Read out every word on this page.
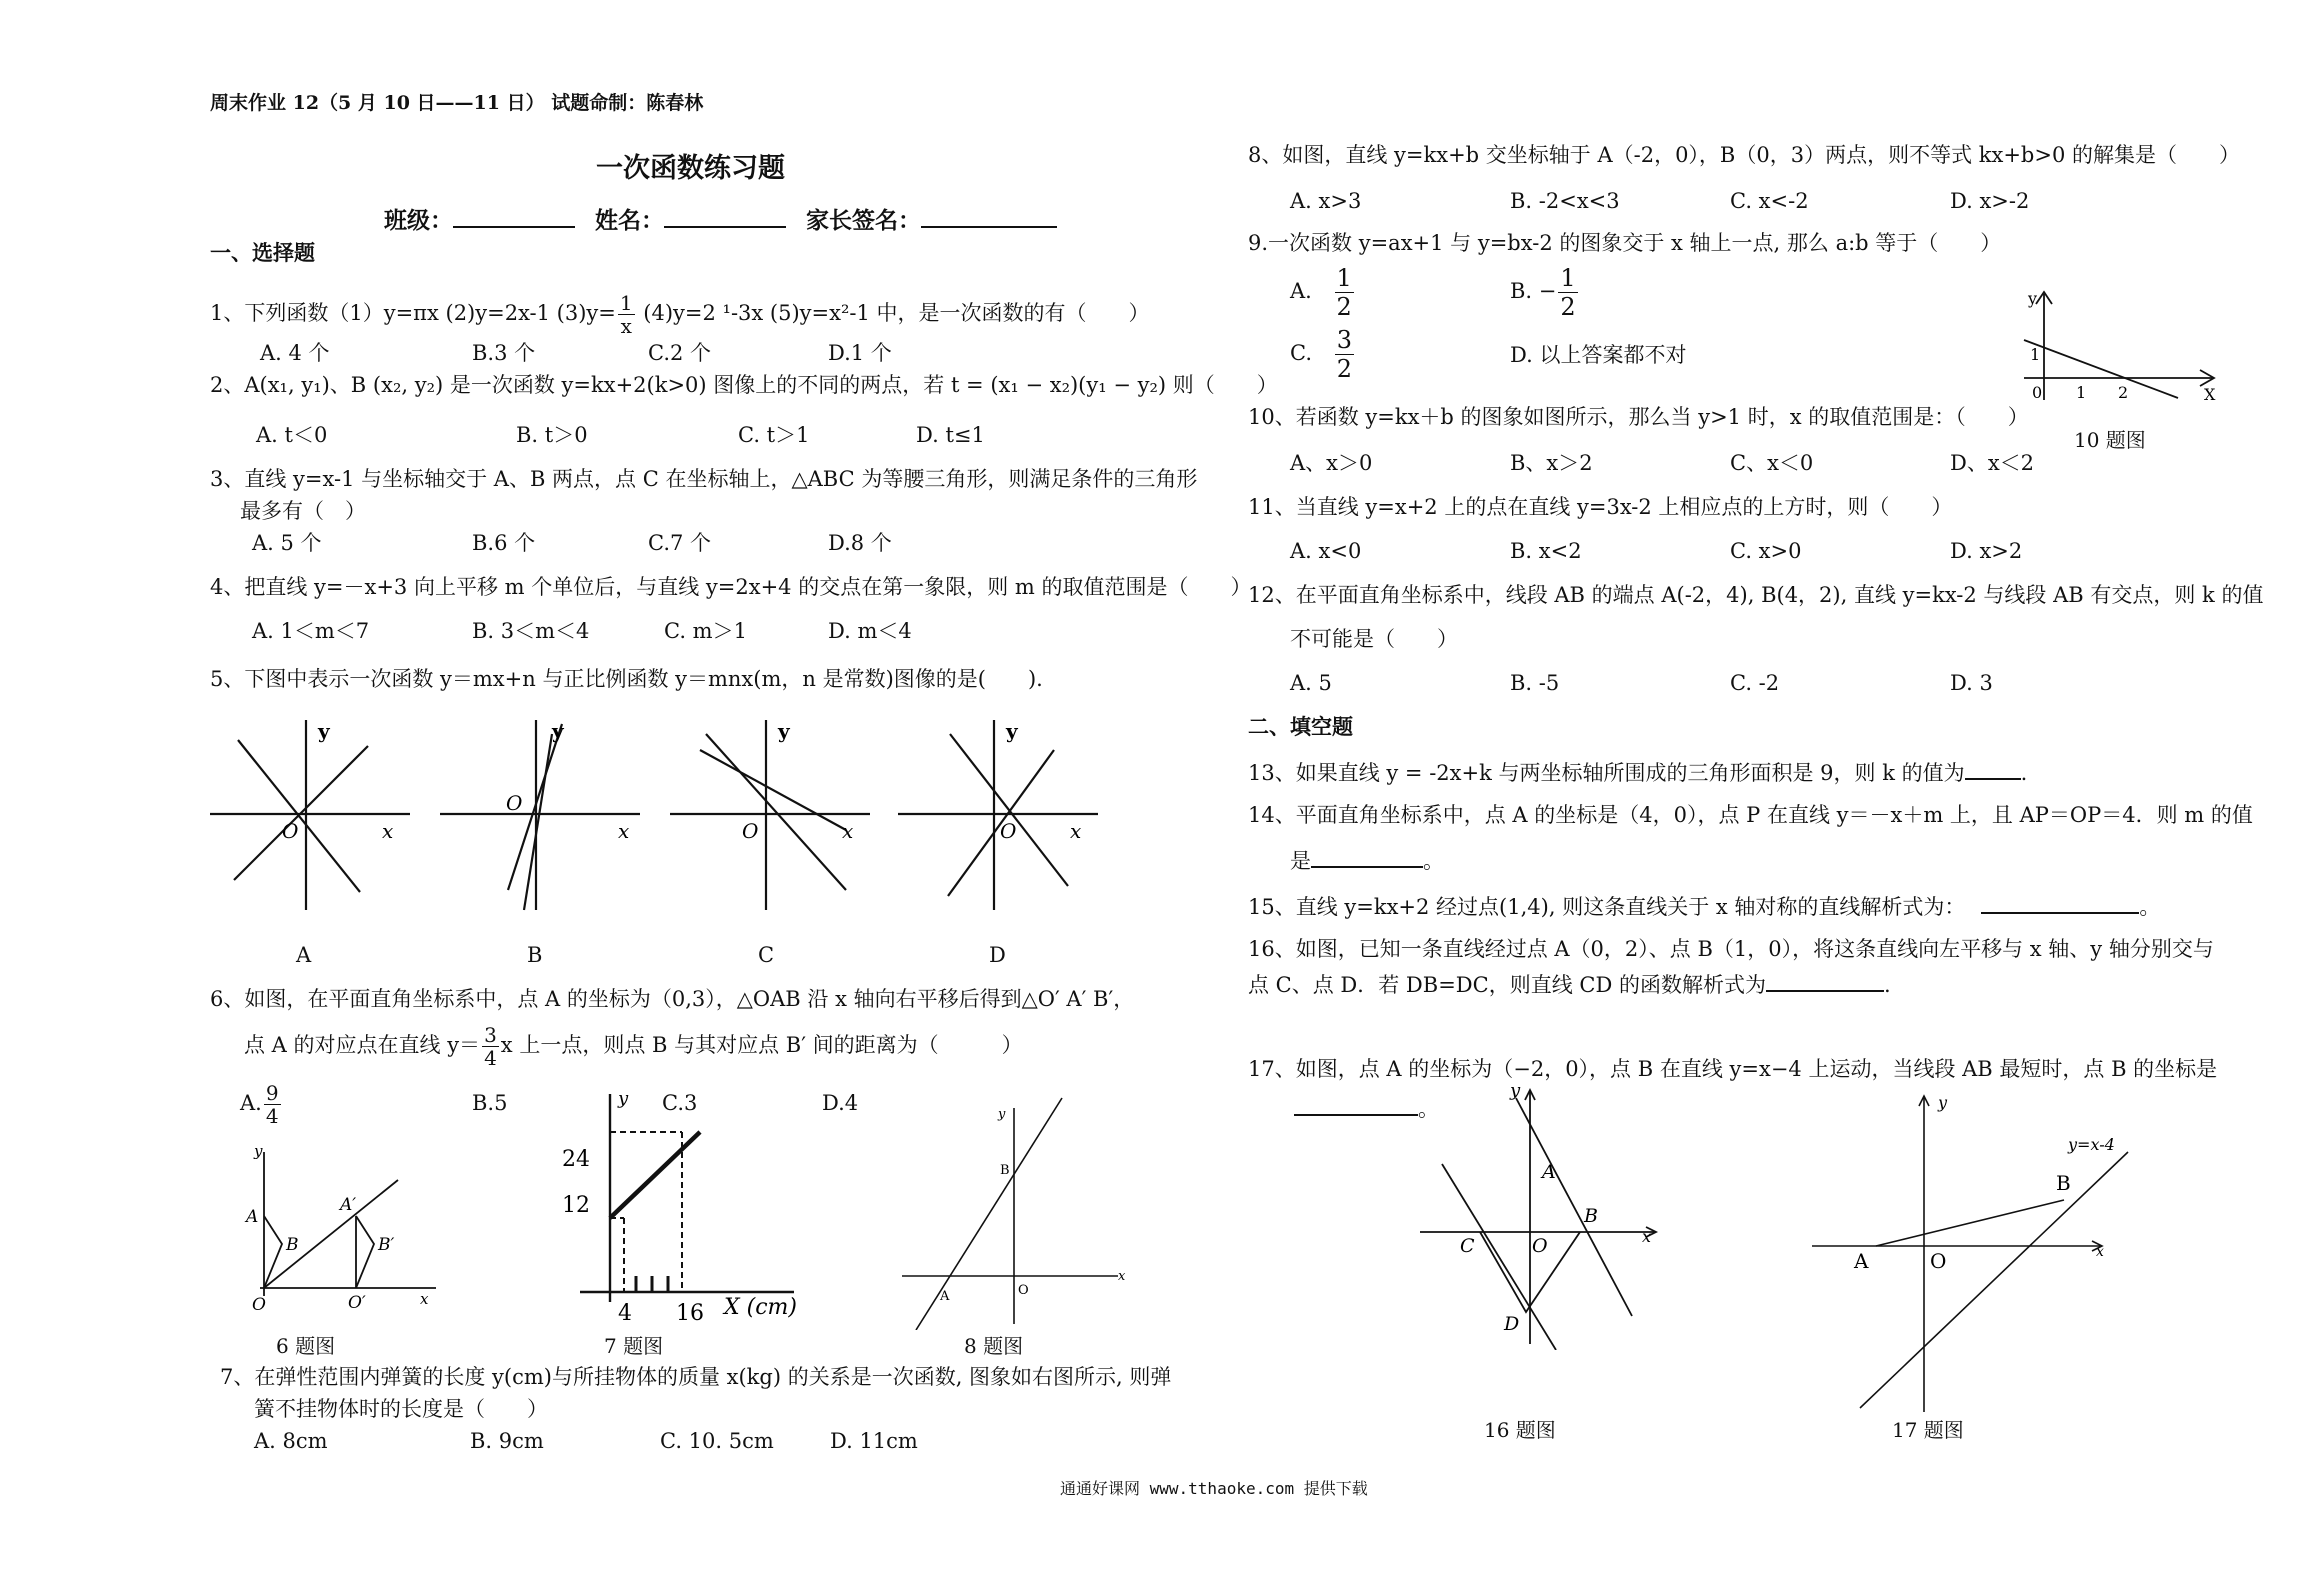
周末作业 12（5 月 10 日——11 日） 试题命制：陈春林
一次函数练习题
班级：	姓名：	家长签名：
一、选择题
1、下列函数（1）y=πx (2)y=2x-1 $(3)y= \frac{1}{x} (4)y=2$ ¹-3x (5)y=x²-1 中，是一次函数的有（　　）
A. 4 个	B.3 个	C.2 个	D.1 个
2、A(x₁, y₁)、B (x₂, y₂) 是一次函数 y=kx+2(k>0) 图像上的不同的两点，若 t = (x₁ − x₂)(y₁ − y₂) 则（　　）
A. t＜0	B. t＞0	C. t＞1	D. t≤1
3、直线 y=x-1 与坐标轴交于 A、B 两点，点 C 在坐标轴上，△ABC 为等腰三角形，则满足条件的三角形
最多有（　）
A. 5 个	B.6 个	C.7 个	D.8 个
4、把直线 y=－x+3 向上平移 m 个单位后，与直线 y=2x+4 的交点在第一象限，则 m 的取值范围是（　　）
A. 1＜m＜7	B. 3＜m＜4	C. m＞1	D. m＜4
5、下图中表示一次函数 y＝mx+n 与正比例函数 y＝mnx(m，n 是常数)图像的是(　　).
y
O	x
y
O
x
y
O	x
y
O	x
A	B	C	D
6、如图，在平面直角坐标系中，点 A 的坐标为（0,3），△OAB 沿 x 轴向右平移后得到△O′ A′ B′，
点 A 的对应点在直线 $y= \frac{3}{4}$ x 上一点，则点 B 与其对应点 B′ 间的距离为（　　　）
A. $\frac{9}{4}$	B.5	C.3	D.4
y
A
B
A′
B′
O	O′	x
6 题图
y
24
12
4 16 X (cm)
7 题图
y
x
B
A	O
8 题图
7、在弹性范围内弹簧的长度 y(cm)与所挂物体的质量 x(kg) 的关系是一次函数, 图象如右图所示, 则弹
簧不挂物体时的长度是（　　）
A. 8cm	B. 9cm	C. 10. 5cm	D. 11cm
8、如图，直线 y=kx+b 交坐标轴于 A（-2，0），B（0，3）两点，则不等式 kx+b>0 的解集是（　　）
A. x>3	B. -2<x<3	C. x<-2	D. x>-2
9.一次函数 y=ax+1 与 y=bx-2 的图象交于 x 轴上一点, 那么 a:b 等于（　　）
A. $\frac{1}{2}$	B. − $\frac{1}{2}$
C. $\frac{3}{2}$	D. 以上答案都不对
y
1
0 1 2	X
10 题图
10、若函数 y=kx＋b 的图象如图所示，那么当 y>1 时，x 的取值范围是：（　　）
A、x＞0	B、x＞2	C、x＜0	D、x＜2
11、当直线 y=x+2 上的点在直线 y=3x-2 上相应点的上方时，则（　　）
A. x<0	B. x<2	C. x>0	D. x>2
12、在平面直角坐标系中，线段 AB 的端点 A(-2，4), B(4，2), 直线 y=kx-2 与线段 AB 有交点，则 k 的值
不可能是（　　）
A. 5	B. -5	C. -2	D. 3
二、填空题
13、如果直线 y = -2x+k 与两坐标轴所围成的三角形面积是 9，则 k 的值为	.
14、平面直角坐标系中，点 A 的坐标是（4，0），点 P 在直线 y＝－x＋m 上，且 AP＝OP＝4．则 m 的值
是	。
15、直线 y=kx+2 经过点(1,4), 则这条直线关于 x 轴对称的直线解析式为：	。
16、如图，已知一条直线经过点 A（0，2）、点 B（1，0），将这条直线向左平移与 x 轴、y 轴分别交与
点 C、点 D．若 DB=DC，则直线 CD 的函数解析式为	.
17、如图，点 A 的坐标为（−2，0），点 B 在直线 y=x−4 上运动，当线段 AB 最短时，点 B 的坐标是
。
y
x
A
B
C	O
D
16 题图
y
x
A	O
B
y=x-4
17 题图
通通好课网 www.tthaoke.com 提供下载
